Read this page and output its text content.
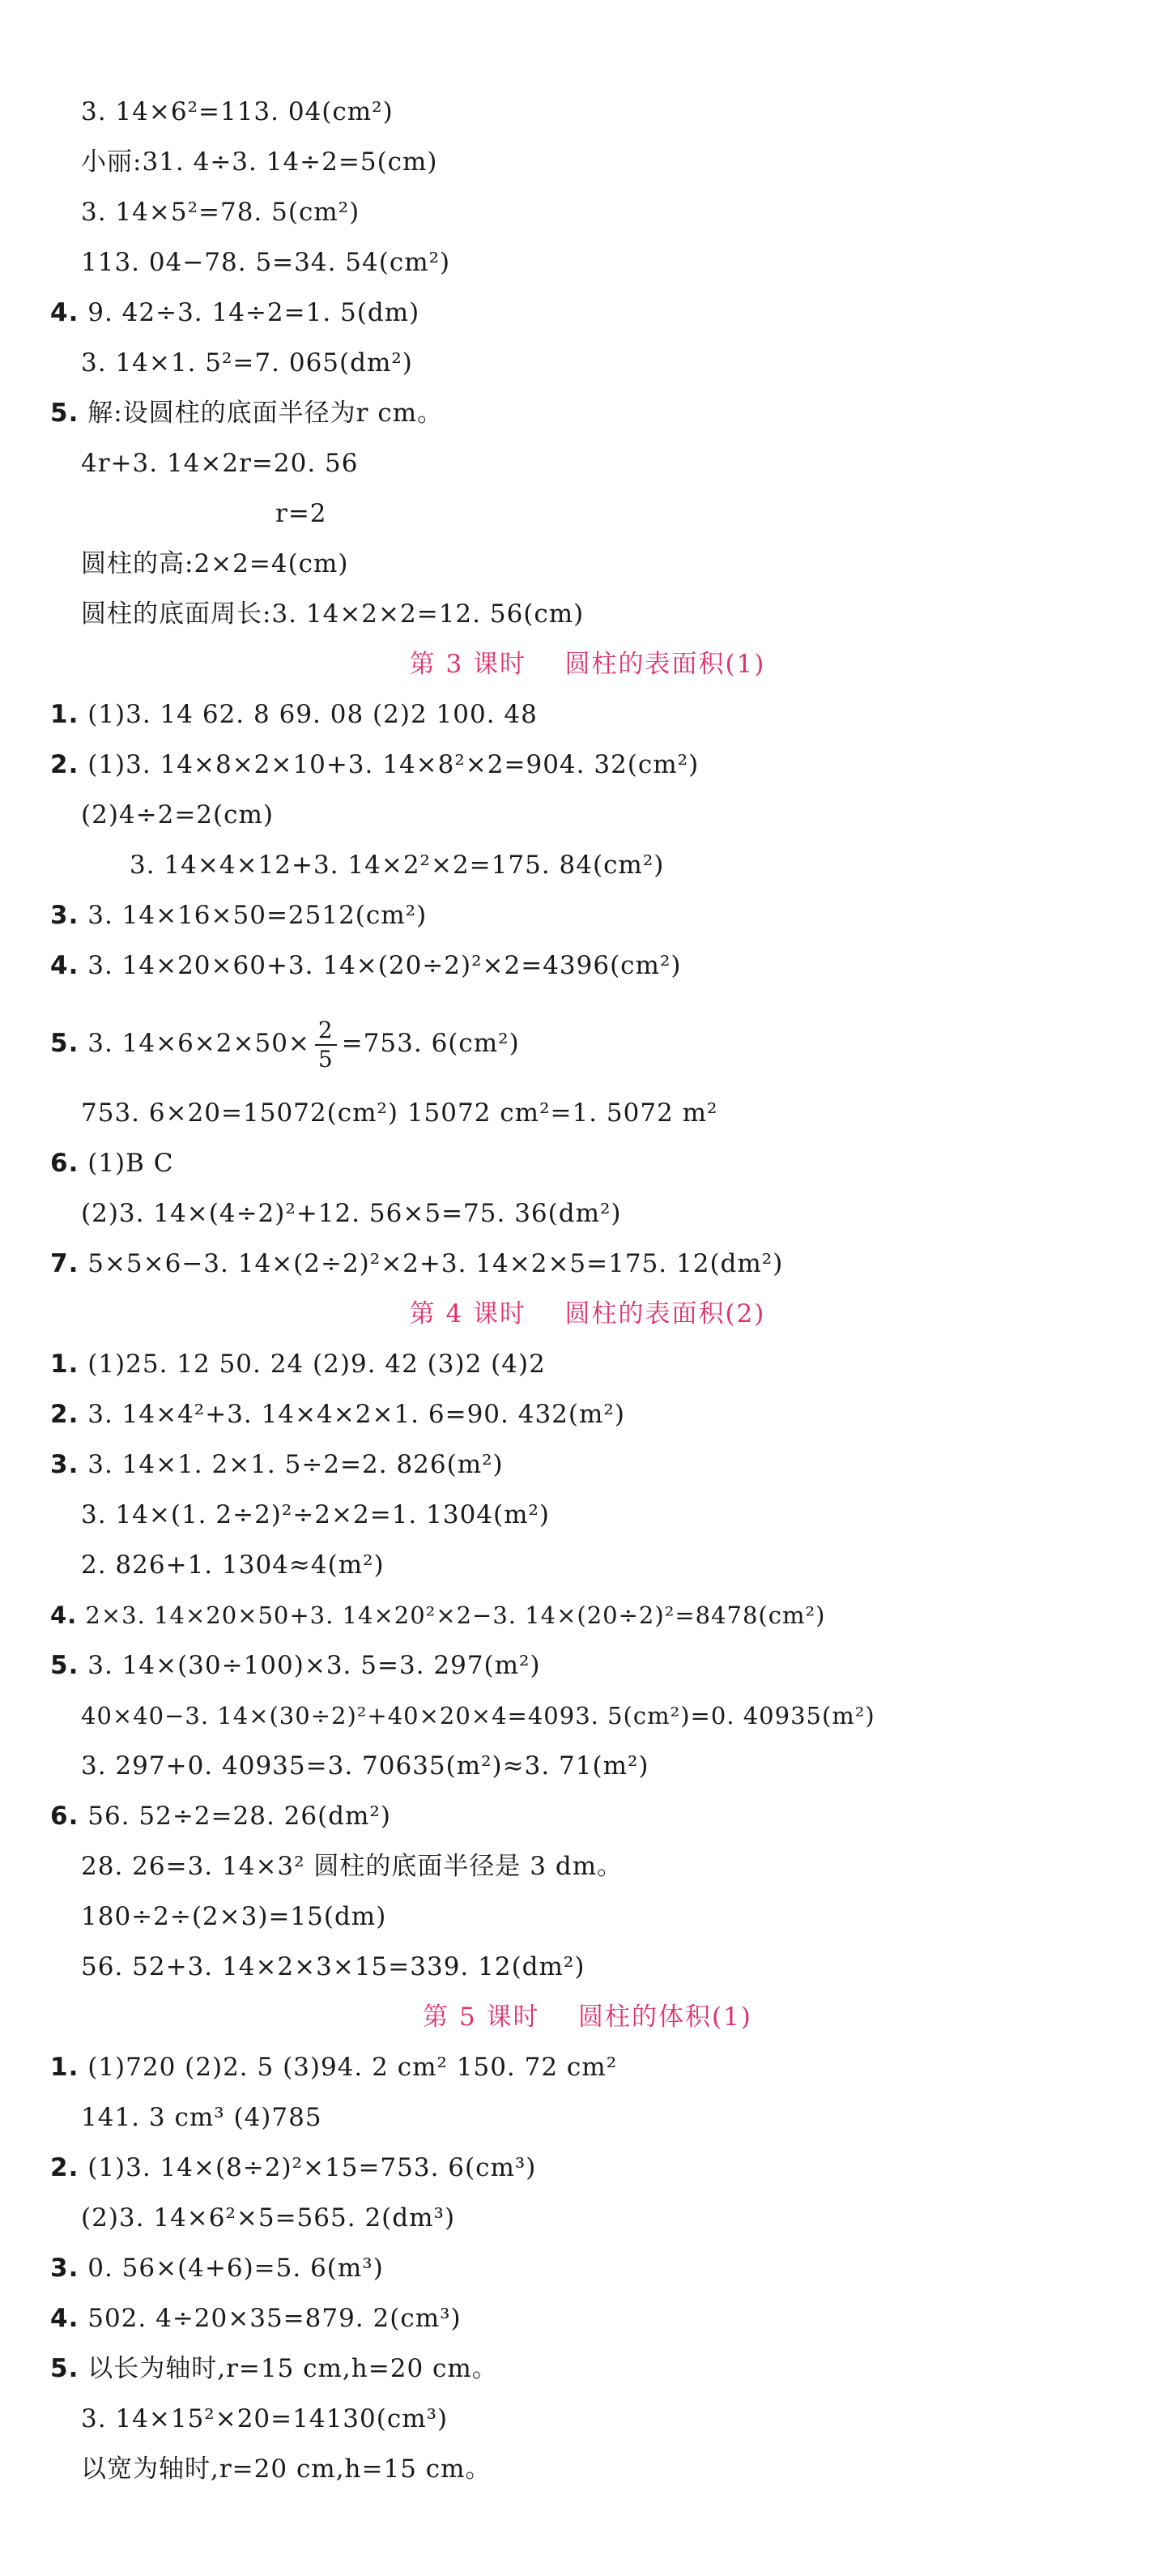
3. 14×6²=113. 04(cm²)
小丽:31. 4÷3. 14÷2=5(cm)
3. 14×5²=78. 5(cm²)
113. 04−78. 5=34. 54(cm²)
4. 9. 42÷3. 14÷2=1. 5(dm)
3. 14×1. 5²=7. 065(dm²)
5. 解:设圆柱的底面半径为r cm。
4r+3. 14×2r=20. 56
r=2
圆柱的高:2×2=4(cm)
圆柱的底面周长:3. 14×2×2=12. 56(cm)
第 3 课时    圆柱的表面积(1)
1. (1)3. 14 62. 8 69. 08 (2)2 100. 48
2. (1)3. 14×8×2×10+3. 14×8²×2=904. 32(cm²)
(2)4÷2=2(cm)
3. 14×4×12+3. 14×2²×2=175. 84(cm²)
3. 3. 14×16×50=2512(cm²)
4. 3. 14×20×60+3. 14×(20÷2)²×2=4396(cm²)
5. 3. $14\times 6\times 2\times 50\times \frac{2}{5} =753$. 6(cm²)
753. 6×20=15072(cm²) 15072 cm²=1. 5072 m²
6. (1)B C
(2)3. 14×(4÷2)²+12. 56×5=75. 36(dm²)
7. 5×5×6−3. 14×(2÷2)²×2+3. 14×2×5=175. 12(dm²)
第 4 课时    圆柱的表面积(2)
1. (1)25. 12 50. 24 (2)9. 42 (3)2 (4)2
2. 3. 14×4²+3. 14×4×2×1. 6=90. 432(m²)
3. 3. 14×1. 2×1. 5÷2=2. 826(m²)
3. 14×(1. 2÷2)²÷2×2=1. 1304(m²)
2. 826+1. 1304≈4(m²)
4. 2×3. 14×20×50+3. 14×20²×2−3. 14×(20÷2)²=8478(cm²)
5. 3. 14×(30÷100)×3. 5=3. 297(m²)
40×40−3. 14×(30÷2)²+40×20×4=4093. 5(cm²)=0. 40935(m²)
3. 297+0. 40935=3. 70635(m²)≈3. 71(m²)
6. 56. 52÷2=28. 26(dm²)
28. 26=3. 14×3² 圆柱的底面半径是 3 dm。
180÷2÷(2×3)=15(dm)
56. 52+3. 14×2×3×15=339. 12(dm²)
第 5 课时    圆柱的体积(1)
1. (1)720 (2)2. 5 (3)94. 2 cm² 150. 72 cm²
141. 3 cm³ (4)785
2. (1)3. 14×(8÷2)²×15=753. 6(cm³)
(2)3. 14×6²×5=565. 2(dm³)
3. 0. 56×(4+6)=5. 6(m³)
4. 502. 4÷20×35=879. 2(cm³)
5. 以长为轴时,r=15 cm,h=20 cm。
3. 14×15²×20=14130(cm³)
以宽为轴时,r=20 cm,h=15 cm。
